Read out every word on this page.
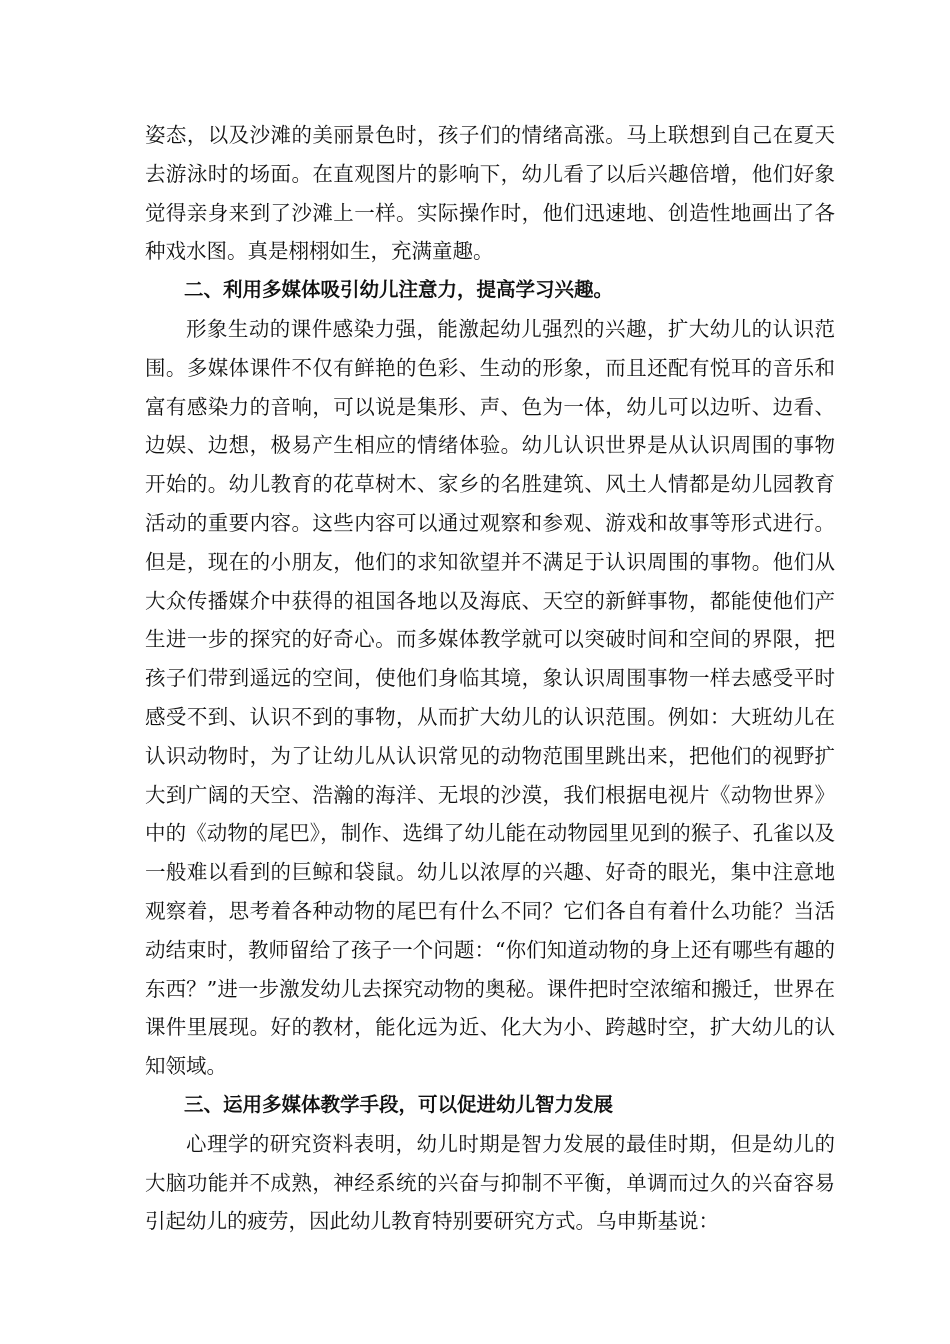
姿态，以及沙滩的美丽景色时，孩子们的情绪高涨。马上联想到自己在夏天去游泳时的场面。在直观图片的影响下，幼儿看了以后兴趣倍增，他们好象觉得亲身来到了沙滩上一样。实际操作时，他们迅速地、创造性地画出了各种戏水图。真是栩栩如生，充满童趣。

二、利用多媒体吸引幼儿注意力，提高学习兴趣。

形象生动的课件感染力强，能激起幼儿强烈的兴趣，扩大幼儿的认识范围。多媒体课件不仅有鲜艳的色彩、生动的形象，而且还配有悦耳的音乐和富有感染力的音响，可以说是集形、声、色为一体，幼儿可以边听、边看、边娱、边想，极易产生相应的情绪体验。幼儿认识世界是从认识周围的事物开始的。幼儿教育的花草树木、家乡的名胜建筑、风土人情都是幼儿园教育活动的重要内容。这些内容可以通过观察和参观、游戏和故事等形式进行。但是，现在的小朋友，他们的求知欲望并不满足于认识周围的事物。他们从大众传播媒介中获得的祖国各地以及海底、天空的新鲜事物，都能使他们产生进一步的探究的好奇心。而多媒体教学就可以突破时间和空间的界限，把孩子们带到遥远的空间，使他们身临其境，象认识周围事物一样去感受平时感受不到、认识不到的事物，从而扩大幼儿的认识范围。例如：大班幼儿在认识动物时，为了让幼儿从认识常见的动物范围里跳出来，把他们的视野扩大到广阔的天空、浩瀚的海洋、无垠的沙漠，我们根据电视片《动物世界》中的《动物的尾巴》，制作、选缉了幼儿能在动物园里见到的猴子、孔雀以及一般难以看到的巨鲸和袋鼠。幼儿以浓厚的兴趣、好奇的眼光，集中注意地观察着，思考着各种动物的尾巴有什么不同？它们各自有着什么功能？当活动结束时，教师留给了孩子一个问题：“你们知道动物的身上还有哪些有趣的东西？”进一步激发幼儿去探究动物的奥秘。课件把时空浓缩和搬迁，世界在课件里展现。好的教材，能化远为近、化大为小、跨越时空，扩大幼儿的认知领域。

三、运用多媒体教学手段，可以促进幼儿智力发展

心理学的研究资料表明，幼儿时期是智力发展的最佳时期，但是幼儿的大脑功能并不成熟，神经系统的兴奋与抑制不平衡，单调而过久的兴奋容易引起幼儿的疲劳，因此幼儿教育特别要研究方式。乌申斯基说：
